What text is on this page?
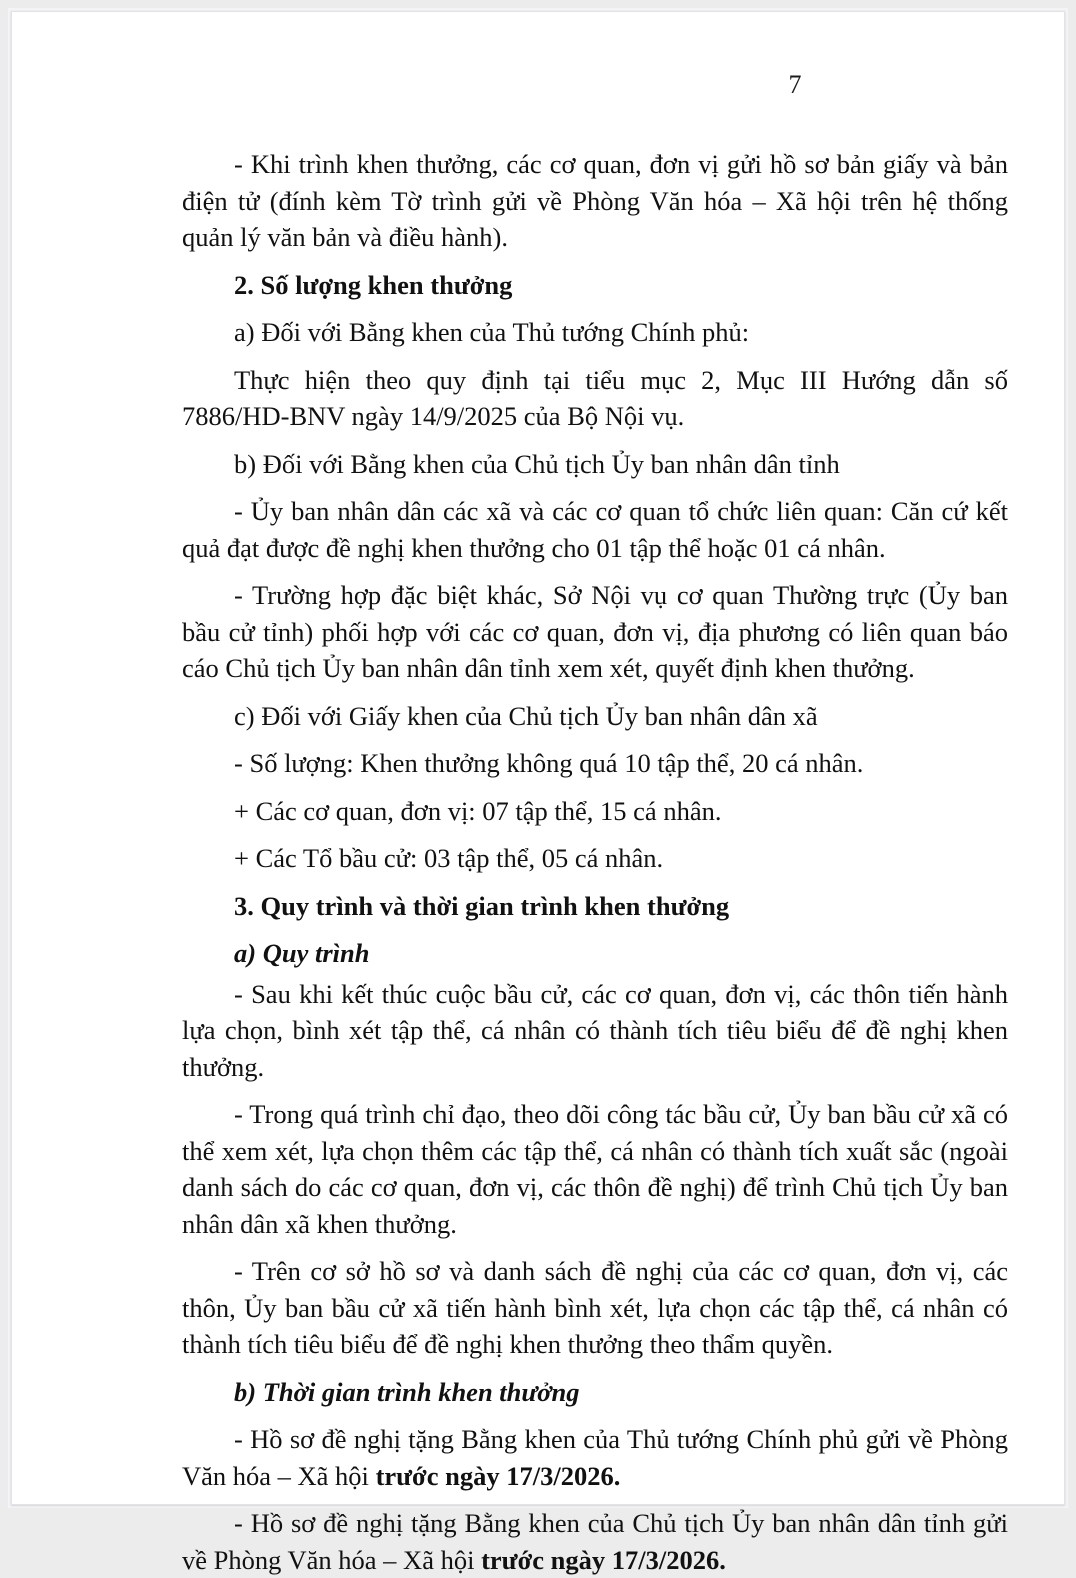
7

- Khi trình khen thưởng, các cơ quan, đơn vị gửi hồ sơ bản giấy và bản điện tử (đính kèm Tờ trình gửi về Phòng Văn hóa – Xã hội trên hệ thống quản lý văn bản và điều hành).

2. Số lượng khen thưởng

a) Đối với Bằng khen của Thủ tướng Chính phủ:

Thực hiện theo quy định tại tiểu mục 2, Mục III Hướng dẫn số 7886/HD-BNV ngày 14/9/2025 của Bộ Nội vụ.

b) Đối với Bằng khen của Chủ tịch Ủy ban nhân dân tỉnh

- Ủy ban nhân dân các xã và các cơ quan tổ chức liên quan: Căn cứ kết quả đạt được đề nghị khen thưởng cho 01 tập thể hoặc 01 cá nhân.

- Trường hợp đặc biệt khác, Sở Nội vụ cơ quan Thường trực (Ủy ban bầu cử tỉnh) phối hợp với các cơ quan, đơn vị, địa phương có liên quan báo cáo Chủ tịch Ủy ban nhân dân tỉnh xem xét, quyết định khen thưởng.

c) Đối với Giấy khen của Chủ tịch Ủy ban nhân dân xã

- Số lượng: Khen thưởng không quá 10 tập thể, 20 cá nhân.

+ Các cơ quan, đơn vị: 07 tập thể, 15 cá nhân.

+ Các Tổ bầu cử: 03 tập thể, 05 cá nhân.

3. Quy trình và thời gian trình khen thưởng

a) Quy trình

- Sau khi kết thúc cuộc bầu cử, các cơ quan, đơn vị, các thôn tiến hành lựa chọn, bình xét tập thể, cá nhân có thành tích tiêu biểu để đề nghị khen thưởng.

- Trong quá trình chỉ đạo, theo dõi công tác bầu cử, Ủy ban bầu cử xã có thể xem xét, lựa chọn thêm các tập thể, cá nhân có thành tích xuất sắc (ngoài danh sách do các cơ quan, đơn vị, các thôn đề nghị) để trình Chủ tịch Ủy ban nhân dân xã khen thưởng.

- Trên cơ sở hồ sơ và danh sách đề nghị của các cơ quan, đơn vị, các thôn, Ủy ban bầu cử xã tiến hành bình xét, lựa chọn các tập thể, cá nhân có thành tích tiêu biểu để đề nghị khen thưởng theo thẩm quyền.

b) Thời gian trình khen thưởng

- Hồ sơ đề nghị tặng Bằng khen của Thủ tướng Chính phủ gửi về Phòng Văn hóa – Xã hội trước ngày 17/3/2026.

- Hồ sơ đề nghị tặng Bằng khen của Chủ tịch Ủy ban nhân dân tỉnh gửi về Phòng Văn hóa – Xã hội trước ngày 17/3/2026.
